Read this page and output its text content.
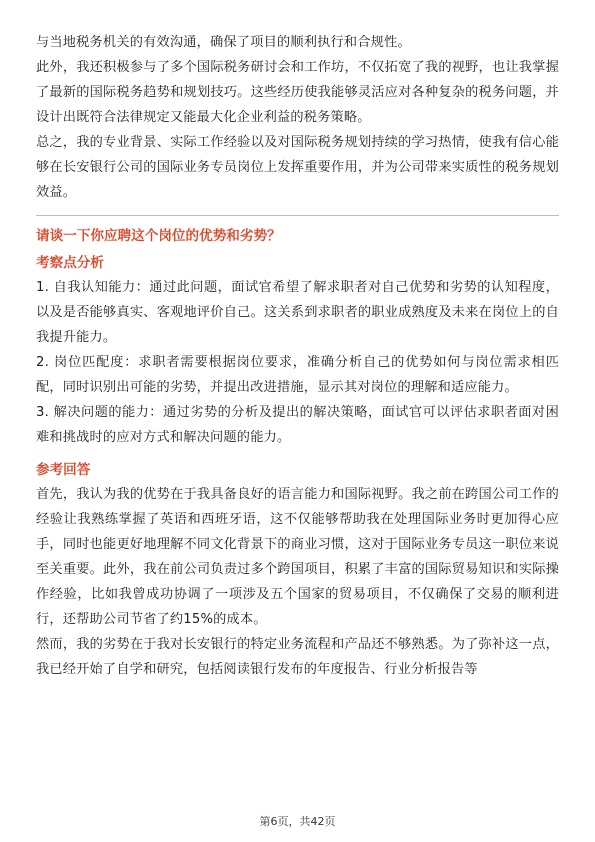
与当地税务机关的有效沟通，确保了项目的顺利执行和合规性。

此外，我还积极参与了多个国际税务研讨会和工作坊，不仅拓宽了我的视野，也让我掌握了最新的国际税务趋势和规划技巧。这些经历使我能够灵活应对各种复杂的税务问题，并设计出既符合法律规定又能最大化企业利益的税务策略。

总之，我的专业背景、实际工作经验以及对国际税务规划持续的学习热情，使我有信心能够在长安银行公司的国际业务专员岗位上发挥重要作用，并为公司带来实质性的税务规划效益。

请谈一下你应聘这个岗位的优势和劣势？

考察点分析

1. 自我认知能力：通过此问题，面试官希望了解求职者对自己优势和劣势的认知程度，以及是否能够真实、客观地评价自己。这关系到求职者的职业成熟度及未来在岗位上的自我提升能力。

2. 岗位匹配度：求职者需要根据岗位要求，准确分析自己的优势如何与岗位需求相匹配，同时识别出可能的劣势，并提出改进措施，显示其对岗位的理解和适应能力。

3. 解决问题的能力：通过劣势的分析及提出的解决策略，面试官可以评估求职者面对困难和挑战时的应对方式和解决问题的能力。

参考回答

首先，我认为我的优势在于我具备良好的语言能力和国际视野。我之前在跨国公司工作的经验让我熟练掌握了英语和西班牙语，这不仅能够帮助我在处理国际业务时更加得心应手，同时也能更好地理解不同文化背景下的商业习惯，这对于国际业务专员这一职位来说至关重要。此外，我在前公司负责过多个跨国项目，积累了丰富的国际贸易知识和实际操作经验，比如我曾成功协调了一项涉及五个国家的贸易项目，不仅确保了交易的顺利进行，还帮助公司节省了约15%的成本。

然而，我的劣势在于我对长安银行的特定业务流程和产品还不够熟悉。为了弥补这一点，我已经开始了自学和研究，包括阅读银行发布的年度报告、行业分析报告等

第6页，共42页
